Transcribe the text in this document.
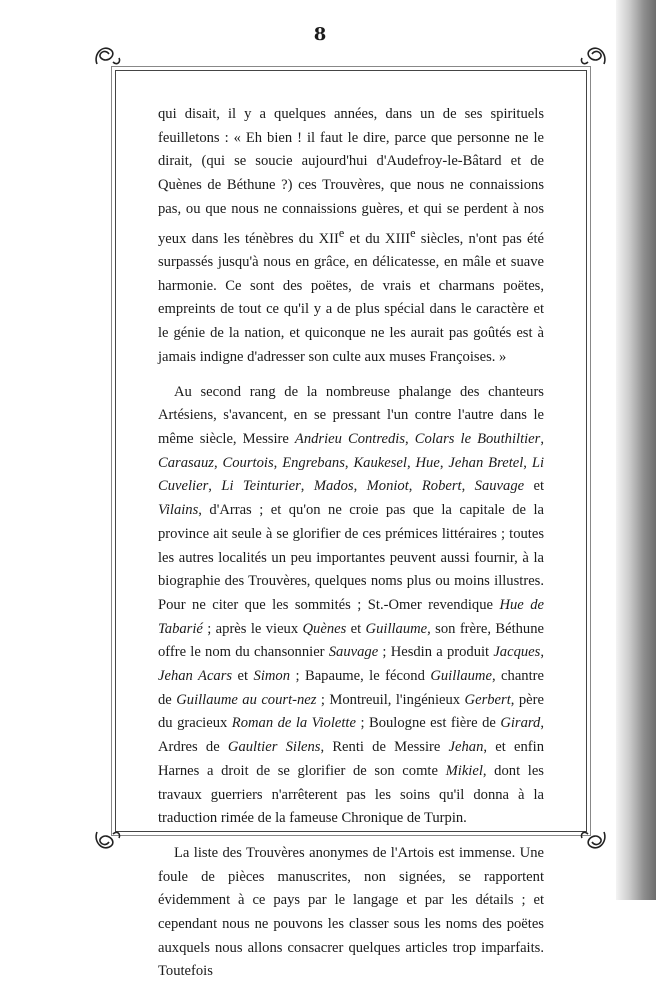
8

qui disait, il y a quelques années, dans un de ses spirituels feuilletons : « Eh bien ! il faut le dire, parce que personne ne le dirait, (qui se soucie aujourd'hui d'Audefroy-le-Bâtard et de Quènes de Béthune ?) ces Trouvères, que nous ne connaissions pas, ou que nous ne connaissions guères, et qui se perdent à nos yeux dans les ténèbres du XIIe et du XIIIe siècles, n'ont pas été surpassés jusqu'à nous en grâce, en délicatesse, en mâle et suave harmonie. Ce sont des poëtes, de vrais et charmans poëtes, empreints de tout ce qu'il y a de plus spécial dans le caractère et le génie de la nation, et quiconque ne les aurait pas goûtés est à jamais indigne d'adresser son culte aux muses Françoises. »

Au second rang de la nombreuse phalange des chanteurs Artésiens, s'avancent, en se pressant l'un contre l'autre dans le même siècle, Messire Andrieu Contredis, Colars le Bouthiltier, Carasauz, Courtois, Engrebans, Kaukesel, Hue, Jehan Bretel, Li Cuvelier, Li Teinturier, Mados, Moniot, Robert, Sauvage et Vilains, d'Arras ; et qu'on ne croie pas que la capitale de la province ait seule à se glorifier de ces prémices littéraires ; toutes les autres localités un peu importantes peuvent aussi fournir, à la biographie des Trouvères, quelques noms plus ou moins illustres. Pour ne citer que les sommités ; St.-Omer revendique Hue de Tabarié ; après le vieux Quènes et Guillaume, son frère, Béthune offre le nom du chansonnier Sauvage ; Hesdin a produit Jacques, Jehan Acars et Simon ; Bapaume, le fécond Guillaume, chantre de Guillaume au court-nez ; Montreuil, l'ingénieux Gerbert, père du gracieux Roman de la Violette ; Boulogne est fière de Girard, Ardres de Gaultier Silens, Renti de Messire Jehan, et enfin Harnes a droit de se glorifier de son comte Mikiel, dont les travaux guerriers n'arrêterent pas les soins qu'il donna à la traduction rimée de la fameuse Chronique de Turpin.

La liste des Trouvères anonymes de l'Artois est immense. Une foule de pièces manuscrites, non signées, se rapportent évidemment à ce pays par le langage et par les détails ; et cependant nous ne pouvons les classer sous les noms des poëtes auxquels nous allons consacrer quelques articles trop imparfaits. Toutefois
